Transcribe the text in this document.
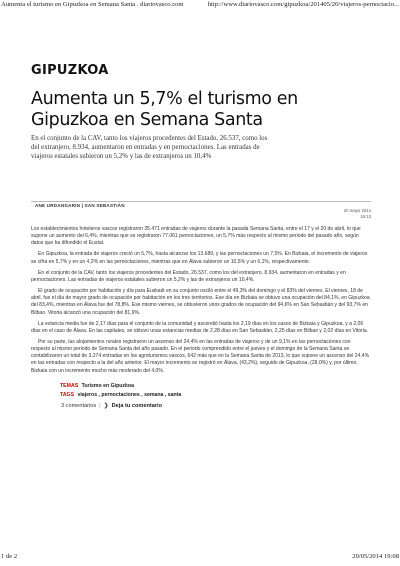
Aumenta el turismo en Gipuzkoa en Semana Santa . diariovasco.com	http://www.diariovasco.com/gipuzkoa/201405/20/viajeros-pernoctacio...
GIPUZKOA
Aumenta un 5,7% el turismo en Gipuzkoa en Semana Santa
En el conjunto de la CAV, tanto los viajeros procedentes del Estado, 26.537, como los del extranjero, 8.934, aumentaron en entradas y en pernoctaciones. Las entradas de viajeros estatales subieron un 5,2% y las de extranjeros un 10,4%
ANE URDANGARIN | SAN SEBASTIÁN
20 mayo 2014
16:13

Los establecimientos hoteleros vascos registraron 35.471 entradas de viajeros durante la pasada Semana Santa, entre el 17 y el 20 de abril, lo que supone un aumento del 6,4%, mientras que se registraron 77.061 pernoctaciones, un 5,7% más respecto al mismo periodo del pasado año, según datos que ha difundido el Eustat.

En Gipuzkoa, la entrada de viajeros creció un 5,7%, hasta alcanzar los 13.689, y las pernoctaciones un 7,5%. En Bizkaia, el incremento de viajeros se cifra en 5,7% y en un 4,2% en las pernoctaciones, mientras que en Álava subieron un 10,5% y un 6,1%, respectivamente.

En el conjunto de la CAV, tanto los viajeros procedentes del Estado, 26.537, como los del extranjero, 8.934, aumentaron en entradas y en pernoctaciones. Las entradas de viajeros estatales subieron un 5,2% y las de extranjeros un 10,4%.

El grado de ocupación por habitación y día para Euskadi en su conjunto osciló entre el 49,3% del domingo y el 83% del viernes. El viernes, 18 de abril, fue el día de mayor grado de ocupación por habitación en los tres territorios. Ese día en Bizkaia se obtuvo una ocupación del 84,1%, en Gipuzkoa del 83,4%, mientras en Álava fue del 78,8%. Ese mismo viernes, se obtuvieron unos grados de ocupación del 94,6% en San Sebastián y del 93,7% en Bilbao. Vitoria alcanzó una ocupación del 81,9%.

La estancia media fue de 2,17 días para el conjunto de la comunidad y ascendió hasta los 2,19 días en los casos de Bizkaia y Gipuzkoa, y a 2,06 días en el caso de Álava. En las capitales, se obtuvo unas estancias medias de 2,28 días en San Sebastián, 2,25 días en Bilbao y 2,02 días en Vitoria.

Por su parte, las alojamientos rurales registraron un ascenso del 24,4% en las entradas de viajeros y de un 9,1% en las pernoctaciones con respecto al mismo periodo de Semana Santa del año pasado. En el periodo comprendido entre el jueves y el domingo de la Semana Santa se contabilizaron un total de 3.274 entradas en los agroturismos vascos, 642 más que en la Semana Santa de 2013, lo que supone un ascenso del 24,4% en las entradas con respecto a la del año anterior. El mayor incremento se registró en Álava, (43,2%), seguido de Gipuzkoa, (28,0%) y, por último, Bizkaia con un incremento mucho más moderado del 4,0%.

TEMAS Turismo en Gipuzkoa
TAGS viajeros , pernoctaciones , semana , santa
3 comentarios | ❯ Deja tu comentario
1 de 2	20/05/2014 19:08
